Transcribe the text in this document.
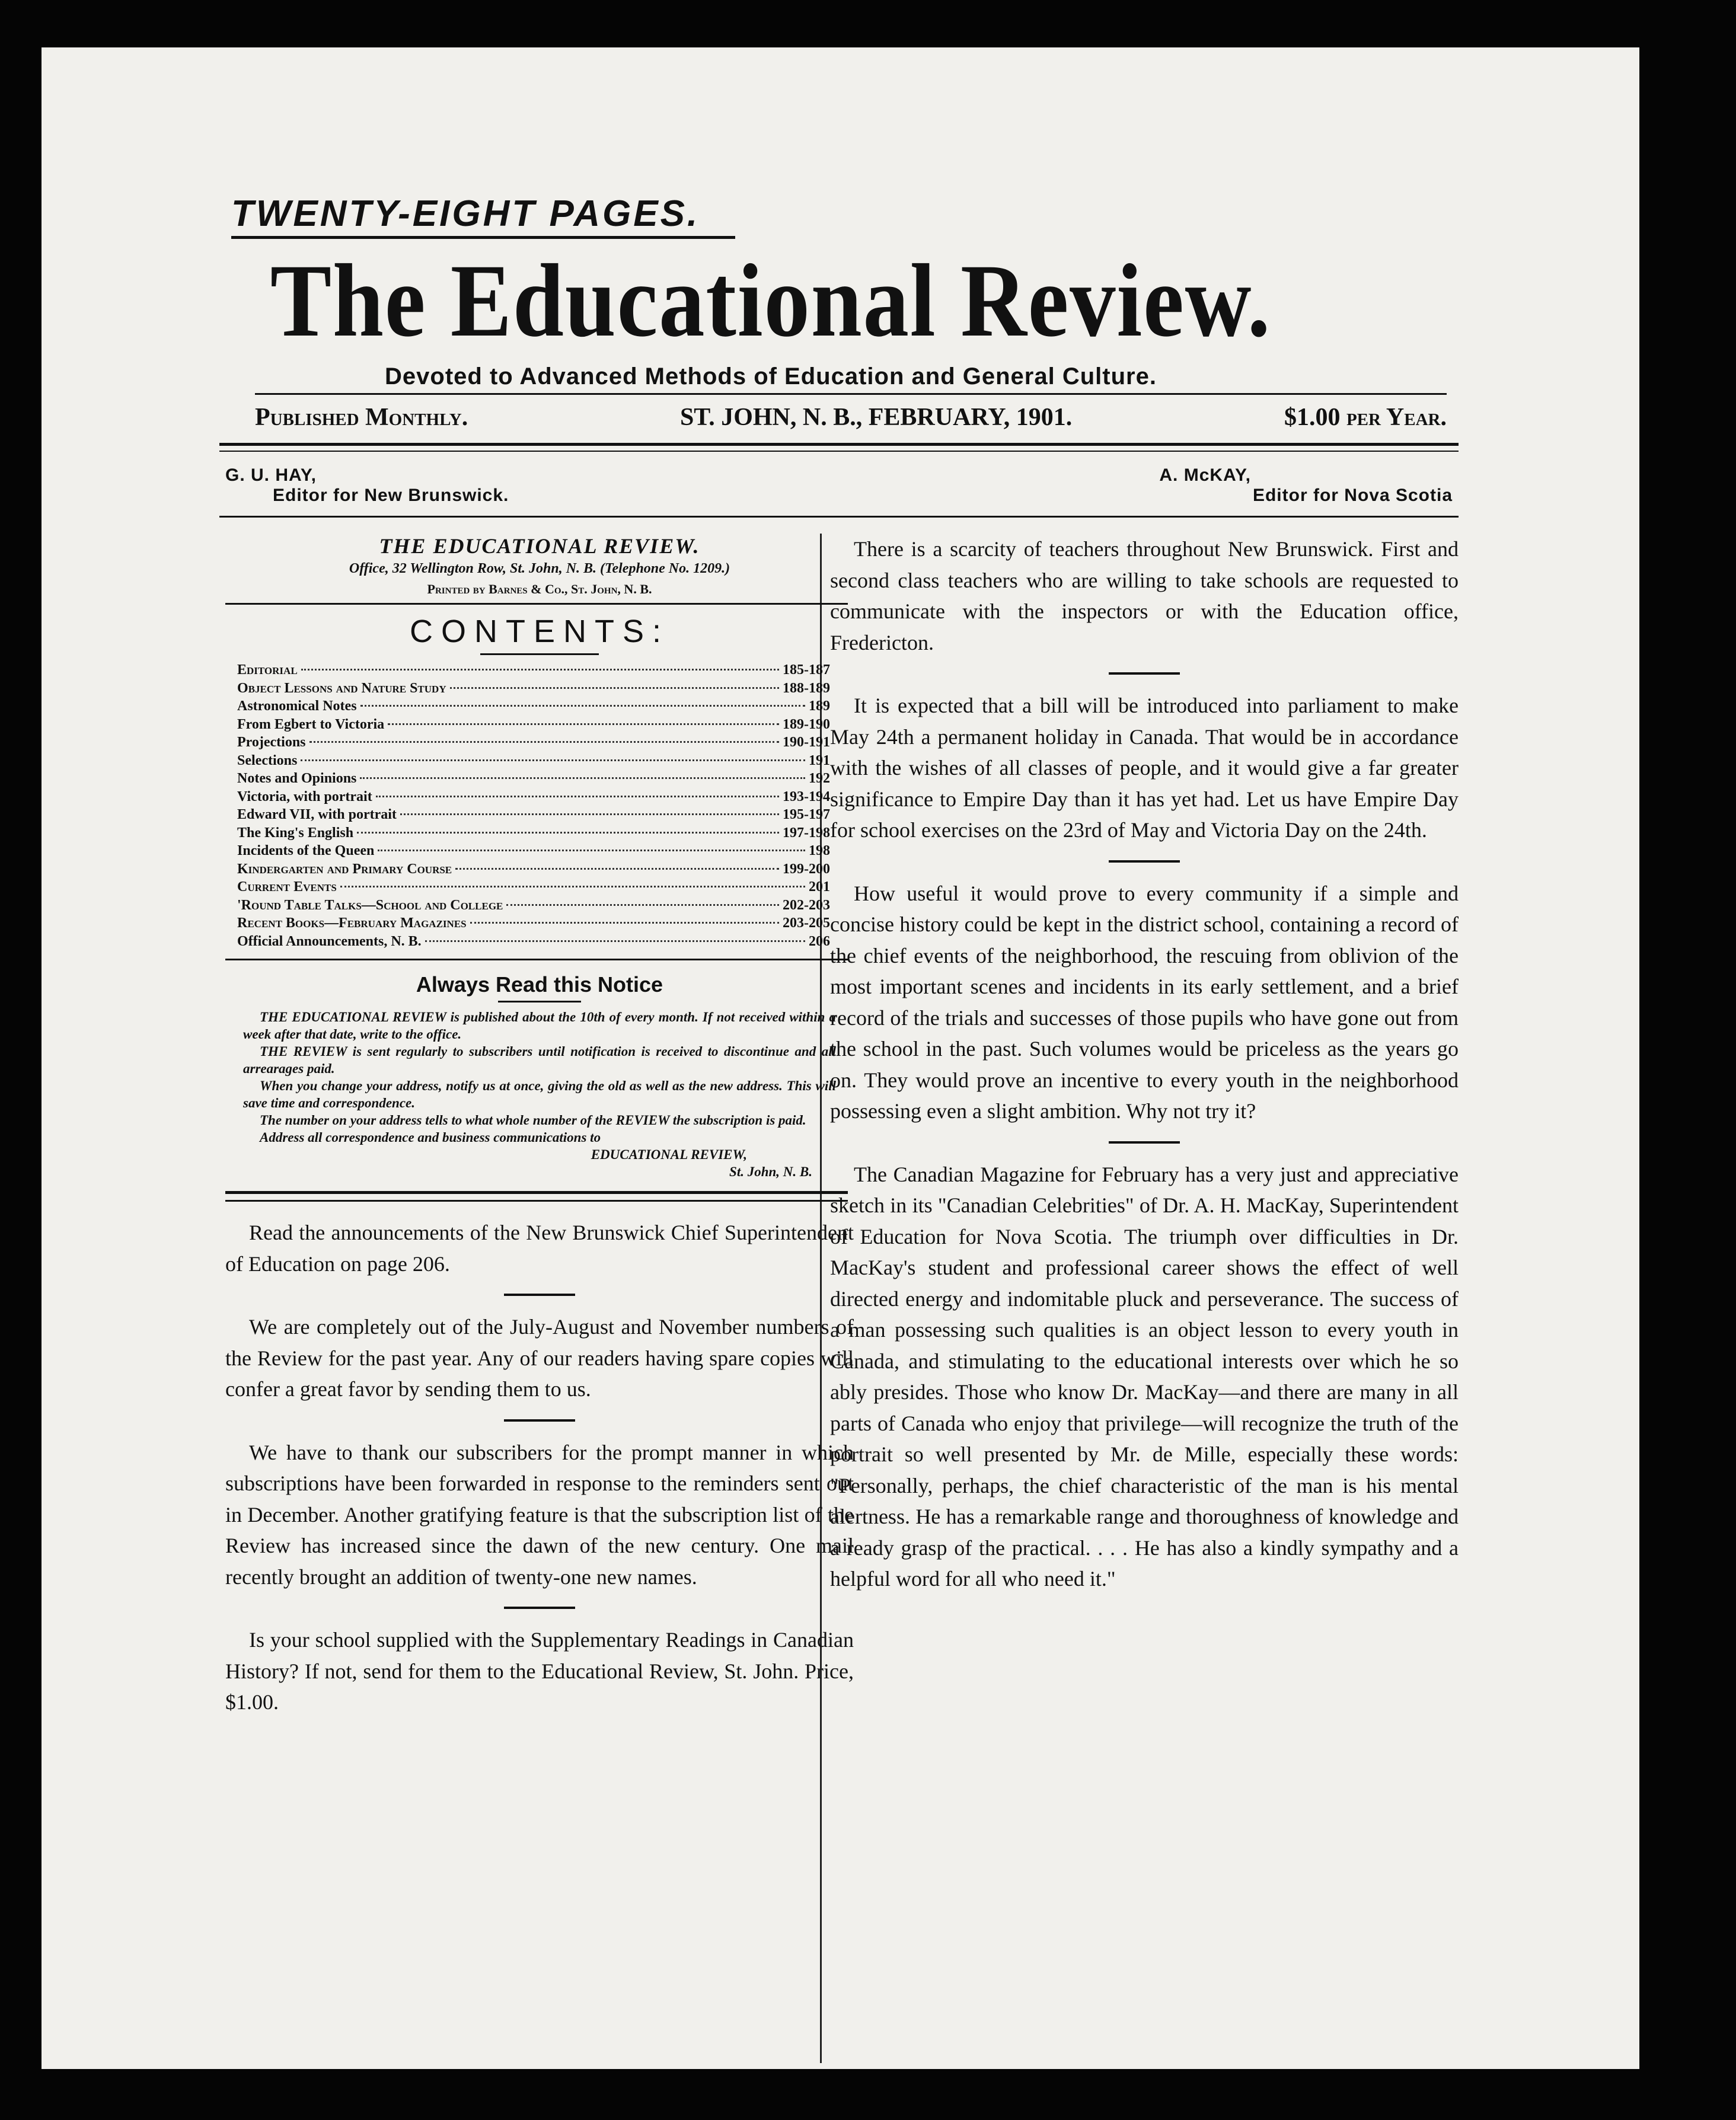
TWENTY-EIGHT PAGES.
The Educational Review.
Devoted to Advanced Methods of Education and General Culture.
Published Monthly.	ST. JOHN, N. B., FEBRUARY, 1901.	$1.00 per Year.
G. U. HAY,
Editor for New Brunswick.
A. McKAY,
Editor for Nova Scotia
THE EDUCATIONAL REVIEW.
Office, 32 Wellington Row, St. John, N. B. (Telephone No. 1209.)
Printed by Barnes & Co., St. John, N. B.
CONTENTS:
Editorial	185-187
Object Lessons and Nature Study	188-189
Astronomical Notes	189
From Egbert to Victoria	189-190
Projections	190-191
Selections	191
Notes and Opinions	192
Victoria, with portrait	193-194
Edward VII, with portrait	195-197
The King's English	197-198
Incidents of the Queen	198
Kindergarten and Primary Course	199-200
Current Events	201
'Round Table Talks—School and College	202-203
Recent Books—February Magazines	203-205
Official Announcements, N. B.	206
Always Read this Notice

THE EDUCATIONAL REVIEW is published about the 10th of every month. If not received within a week after that date, write to the office.

THE REVIEW is sent regularly to subscribers until notification is received to discontinue and all arrearages paid.

When you change your address, notify us at once, giving the old as well as the new address. This will save time and correspondence.

The number on your address tells to what whole number of the REVIEW the subscription is paid.

Address all correspondence and business communications to

EDUCATIONAL REVIEW,

St. John, N. B.

Read the announcements of the New Brunswick Chief Superintendent of Education on page 206.

We are completely out of the July-August and November numbers of the Review for the past year. Any of our readers having spare copies will confer a great favor by sending them to us.

We have to thank our subscribers for the prompt manner in which subscriptions have been forwarded in response to the reminders sent out in December. Another gratifying feature is that the subscription list of the Review has increased since the dawn of the new century. One mail recently brought an addition of twenty-one new names.

Is your school supplied with the Supplementary Readings in Canadian History? If not, send for them to the Educational Review, St. John. Price, $1.00.

There is a scarcity of teachers throughout New Brunswick. First and second class teachers who are willing to take schools are requested to communicate with the inspectors or with the Education office, Fredericton.

It is expected that a bill will be introduced into parliament to make May 24th a permanent holiday in Canada. That would be in accordance with the wishes of all classes of people, and it would give a far greater significance to Empire Day than it has yet had. Let us have Empire Day for school exercises on the 23rd of May and Victoria Day on the 24th.

How useful it would prove to every community if a simple and concise history could be kept in the district school, containing a record of the chief events of the neighborhood, the rescuing from oblivion of the most important scenes and incidents in its early settlement, and a brief record of the trials and successes of those pupils who have gone out from the school in the past. Such volumes would be priceless as the years go on. They would prove an incentive to every youth in the neighborhood possessing even a slight ambition. Why not try it?

The Canadian Magazine for February has a very just and appreciative sketch in its "Canadian Celebrities" of Dr. A. H. MacKay, Superintendent of Education for Nova Scotia. The triumph over difficulties in Dr. MacKay's student and professional career shows the effect of well directed energy and indomitable pluck and perseverance. The success of a man possessing such qualities is an object lesson to every youth in Canada, and stimulating to the educational interests over which he so ably presides. Those who know Dr. MacKay—and there are many in all parts of Canada who enjoy that privilege—will recognize the truth of the portrait so well presented by Mr. de Mille, especially these words: "Personally, perhaps, the chief characteristic of the man is his mental alertness. He has a remarkable range and thoroughness of knowledge and a ready grasp of the practical. . . . He has also a kindly sympathy and a helpful word for all who need it."
